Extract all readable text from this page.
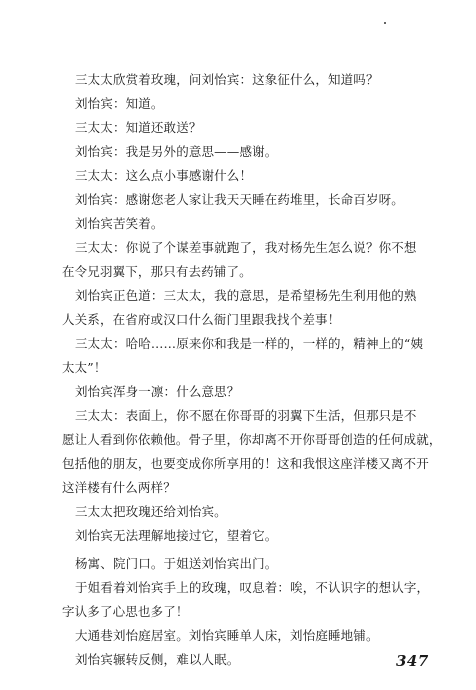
三太太欣赏着玫瑰，问刘怡宾：这象征什么，知道吗？
刘怡宾：知道。
三太太：知道还敢送？
刘怡宾：我是另外的意思——感谢。
三太太：这么点小事感谢什么！
刘怡宾：感谢您老人家让我天天睡在药堆里，长命百岁呀。
刘怡宾苦笑着。
三太太：你说了个谋差事就跑了，我对杨先生怎么说？你不想
在令兄羽翼下，那只有去药铺了。
刘怡宾正色道：三太太，我的意思，是希望杨先生利用他的熟
人关系，在省府或汉口什么衙门里跟我找个差事！
三太太：哈哈……原来你和我是一样的，一样的，精神上的“姨
太太”！
刘怡宾浑身一凛：什么意思？
三太太：表面上，你不愿在你哥哥的羽翼下生活，但那只是不
愿让人看到你依赖他。骨子里，你却离不开你哥哥创造的任何成就，
包括他的朋友，也要变成你所享用的！这和我恨这座洋楼又离不开
这洋楼有什么两样？
三太太把玫瑰还给刘怡宾。
刘怡宾无法理解地接过它，望着它。
杨寓、院门口。于姐送刘怡宾出门。
于姐看着刘怡宾手上的玫瑰，叹息着：唉，不认识字的想认字，
字认多了心思也多了！
大通巷刘怡庭居室。刘怡宾睡单人床，刘怡庭睡地铺。
刘怡宾辗转反侧，难以人眠。	347
